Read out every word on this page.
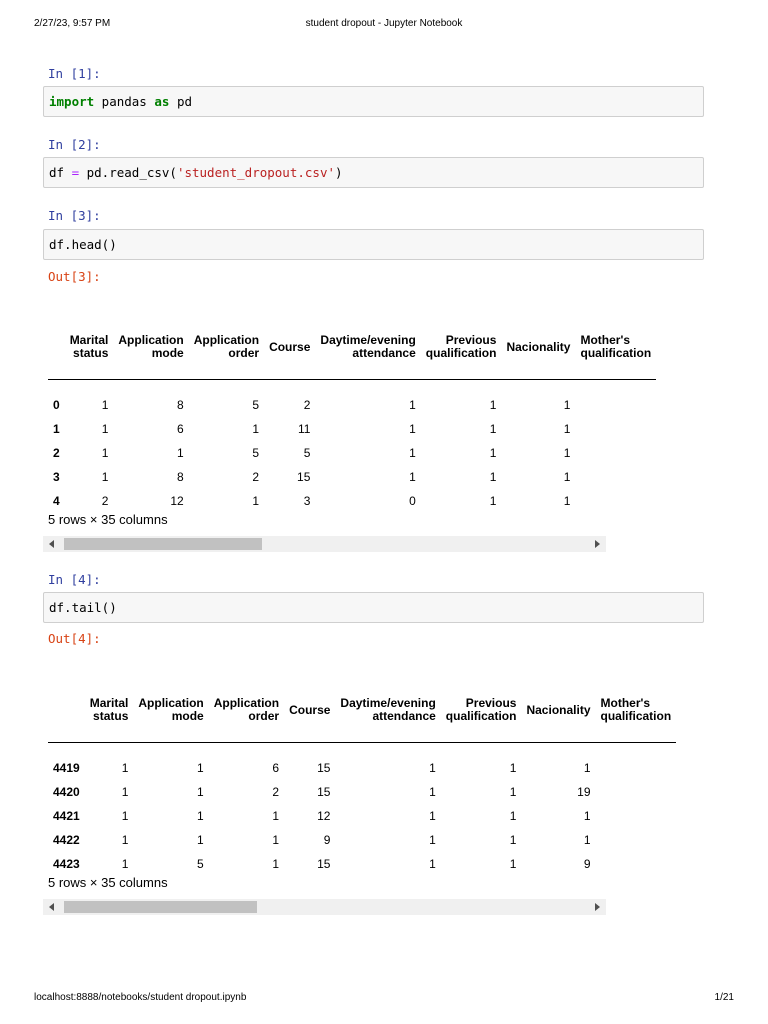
2/27/23, 9:57 PM	student dropout - Jupyter Notebook
In [1]:
import pandas as pd
In [2]:
df = pd.read_csv('student_dropout.csv')
In [3]:
df.head()
Out[3]:
	Marital status	Application mode	Application order	Course	Daytime/evening attendance	Previous qualification	Nacionality	Mother's qualification

0	1	8	5	2	1	1	1	
1	1	6	1	11	1	1	1	
2	1	1	5	5	1	1	1	
3	1	8	2	15	1	1	1	
4	2	12	1	3	0	1	1	
5 rows × 35 columns
In [4]:
df.tail()
Out[4]:
	Marital status	Application mode	Application order	Course	Daytime/evening attendance	Previous qualification	Nacionality	Mother's qualification

4419	1	1	6	15	1	1	1	
4420	1	1	2	15	1	1	19	
4421	1	1	1	12	1	1	1	
4422	1	1	1	9	1	1	1	
4423	1	5	1	15	1	1	9	
5 rows × 35 columns
localhost:8888/notebooks/student dropout.ipynb	1/21
